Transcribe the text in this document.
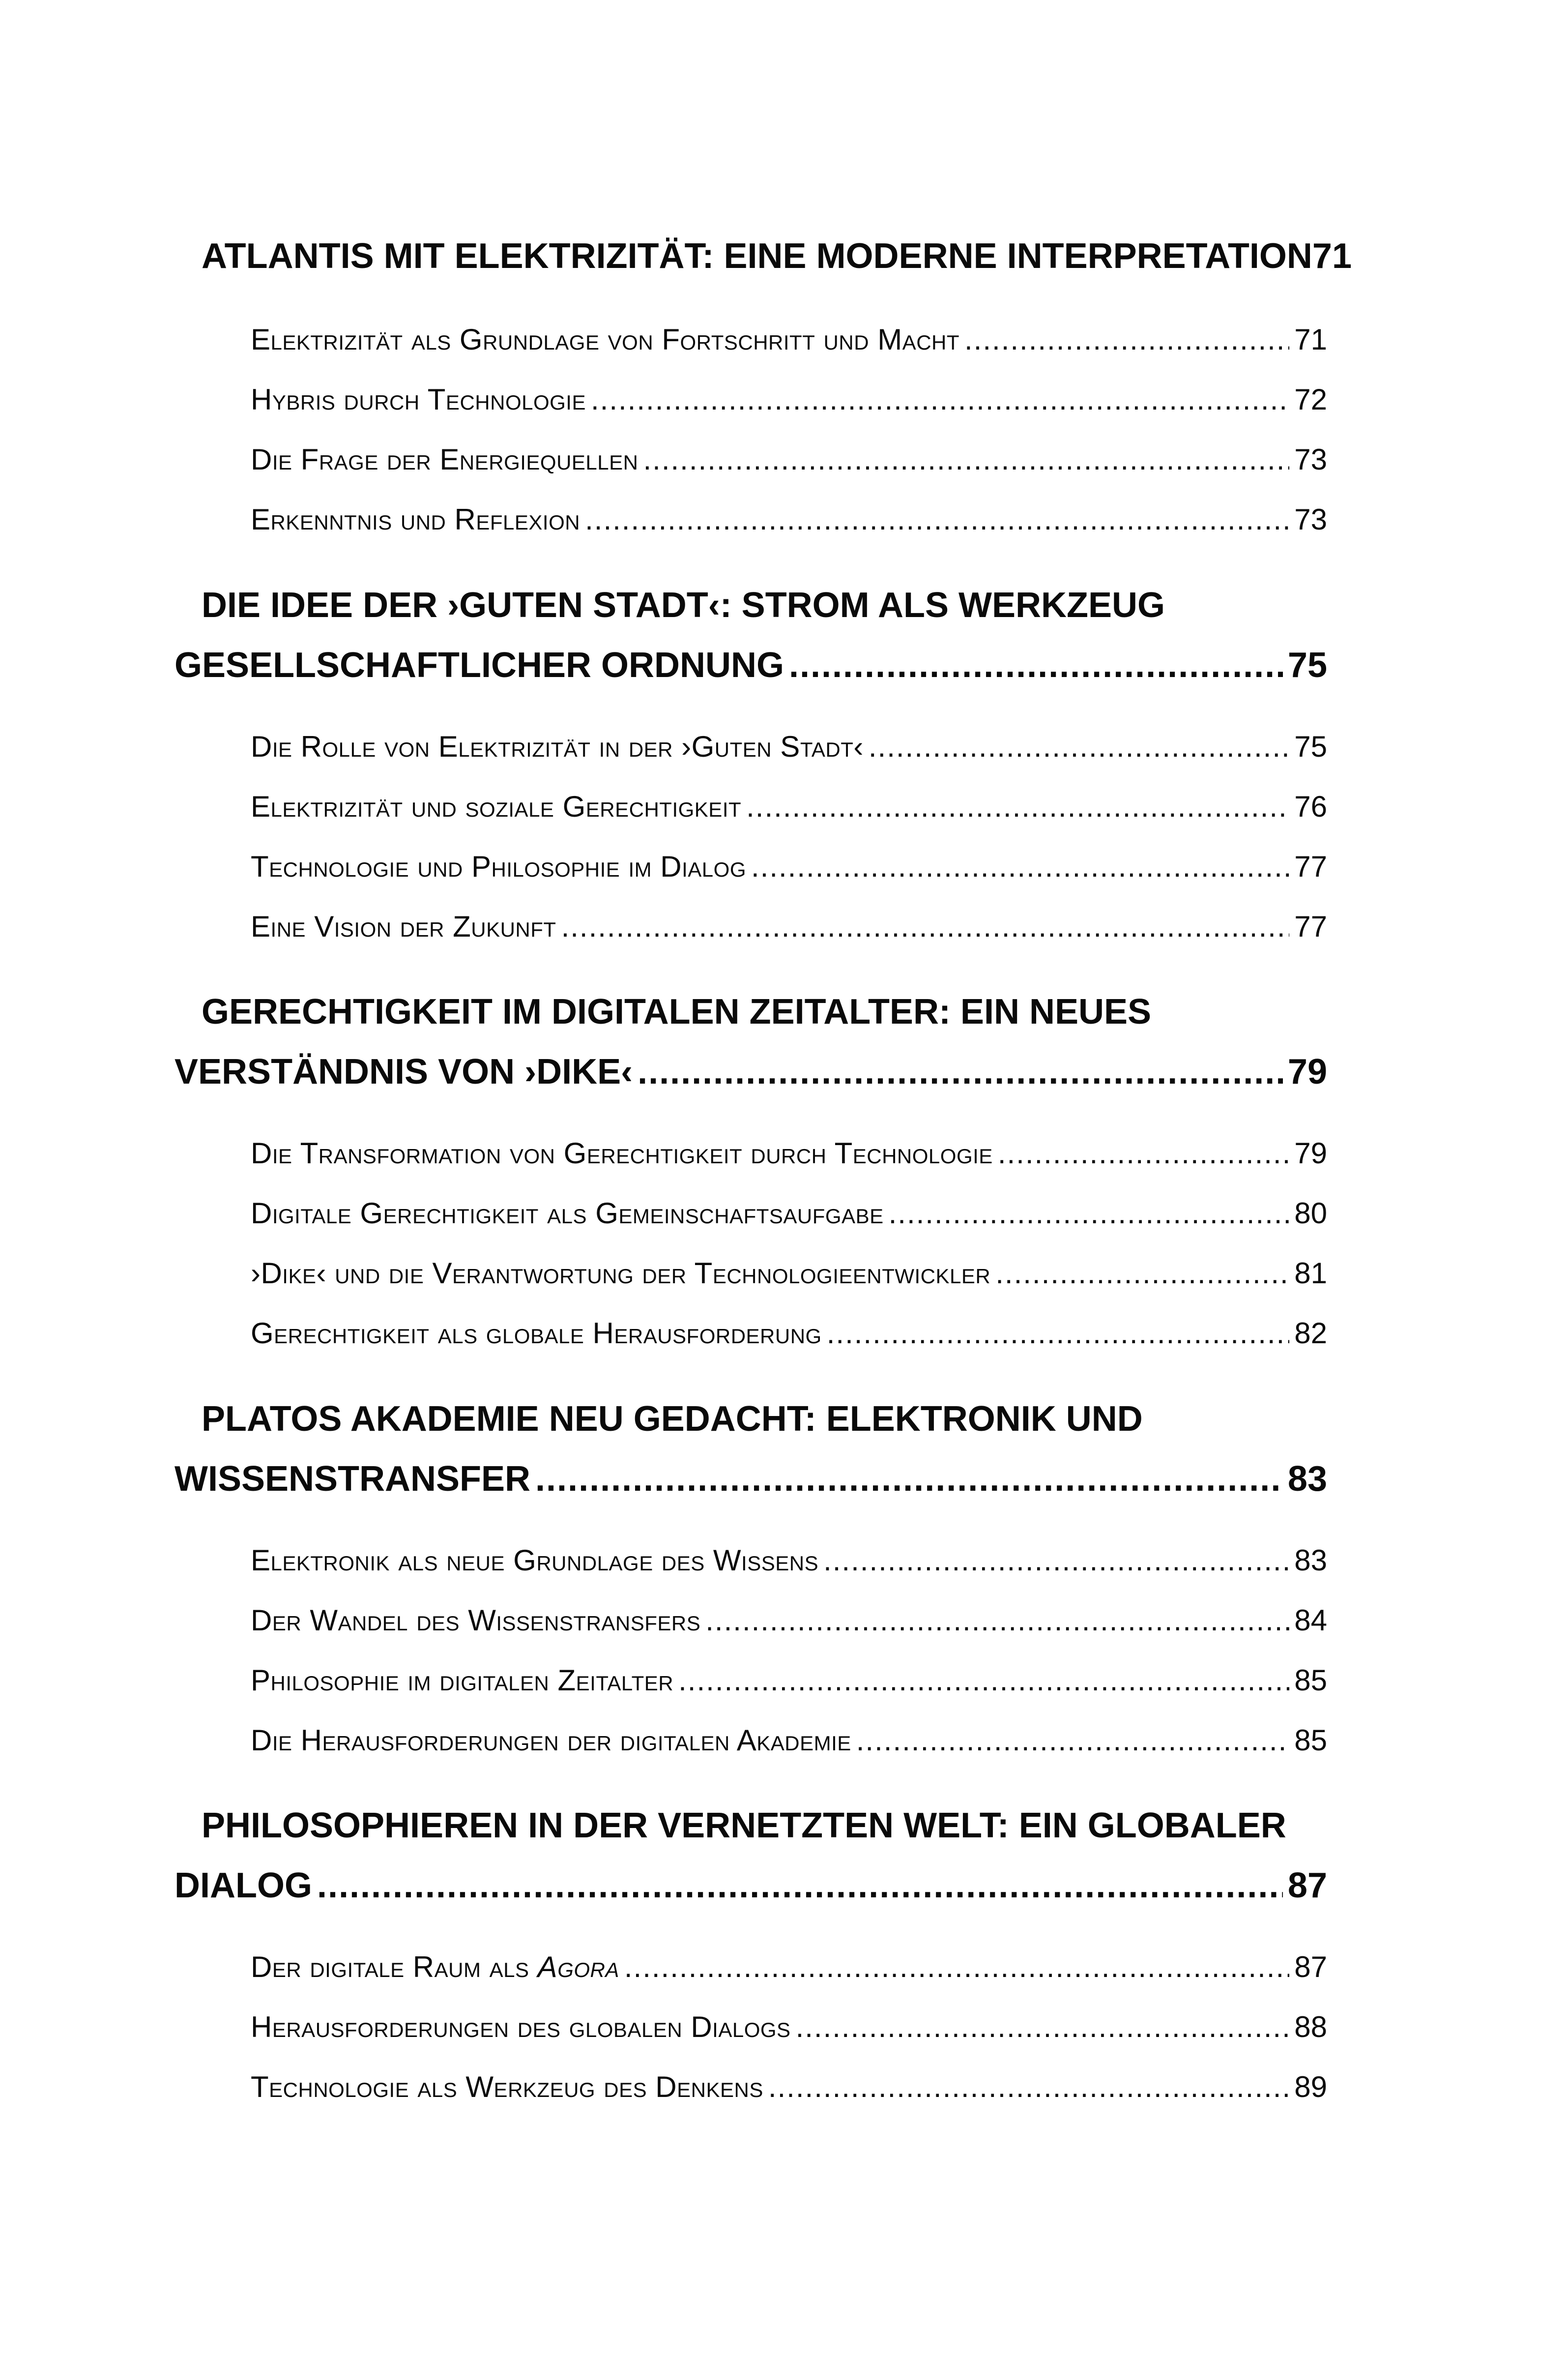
ATLANTIS MIT ELEKTRIZITÄT: EINE MODERNE INTERPRETATION 71
Elektrizität als Grundlage von Fortschritt und Macht .....	71
Hybris durch Technologie .....	72
Die Frage der Energiequellen .....	73
Erkenntnis und Reflexion .....	73
DIE IDEE DER ›GUTEN STADT‹: STROM ALS WERKZEUG
GESELLSCHAFTLICHER ORDNUNG .....	75
Die Rolle von Elektrizität in der ›Guten Stadt‹ .....	75
Elektrizität und soziale Gerechtigkeit .....	76
Technologie und Philosophie im Dialog .....	77
Eine Vision der Zukunft .....	77
GERECHTIGKEIT IM DIGITALEN ZEITALTER: EIN NEUES
VERSTÄNDNIS VON ›DIKE‹ .....	79
Die Transformation von Gerechtigkeit durch Technologie .....	79
Digitale Gerechtigkeit als Gemeinschaftsaufgabe .....	80
›Dike‹ und die Verantwortung der Technologieentwickler .....	81
Gerechtigkeit als globale Herausforderung .....	82
PLATOS AKADEMIE NEU GEDACHT: ELEKTRONIK UND
WISSENSTRANSFER .....	83
Elektronik als neue Grundlage des Wissens .....	83
Der Wandel des Wissenstransfers .....	84
Philosophie im digitalen Zeitalter .....	85
Die Herausforderungen der digitalen Akademie .....	85
PHILOSOPHIEREN IN DER VERNETZTEN WELT: EIN GLOBALER
DIALOG .....	87
Der digitale Raum als Agora .....	87
Herausforderungen des globalen Dialogs .....	88
Technologie als Werkzeug des Denkens .....	89
